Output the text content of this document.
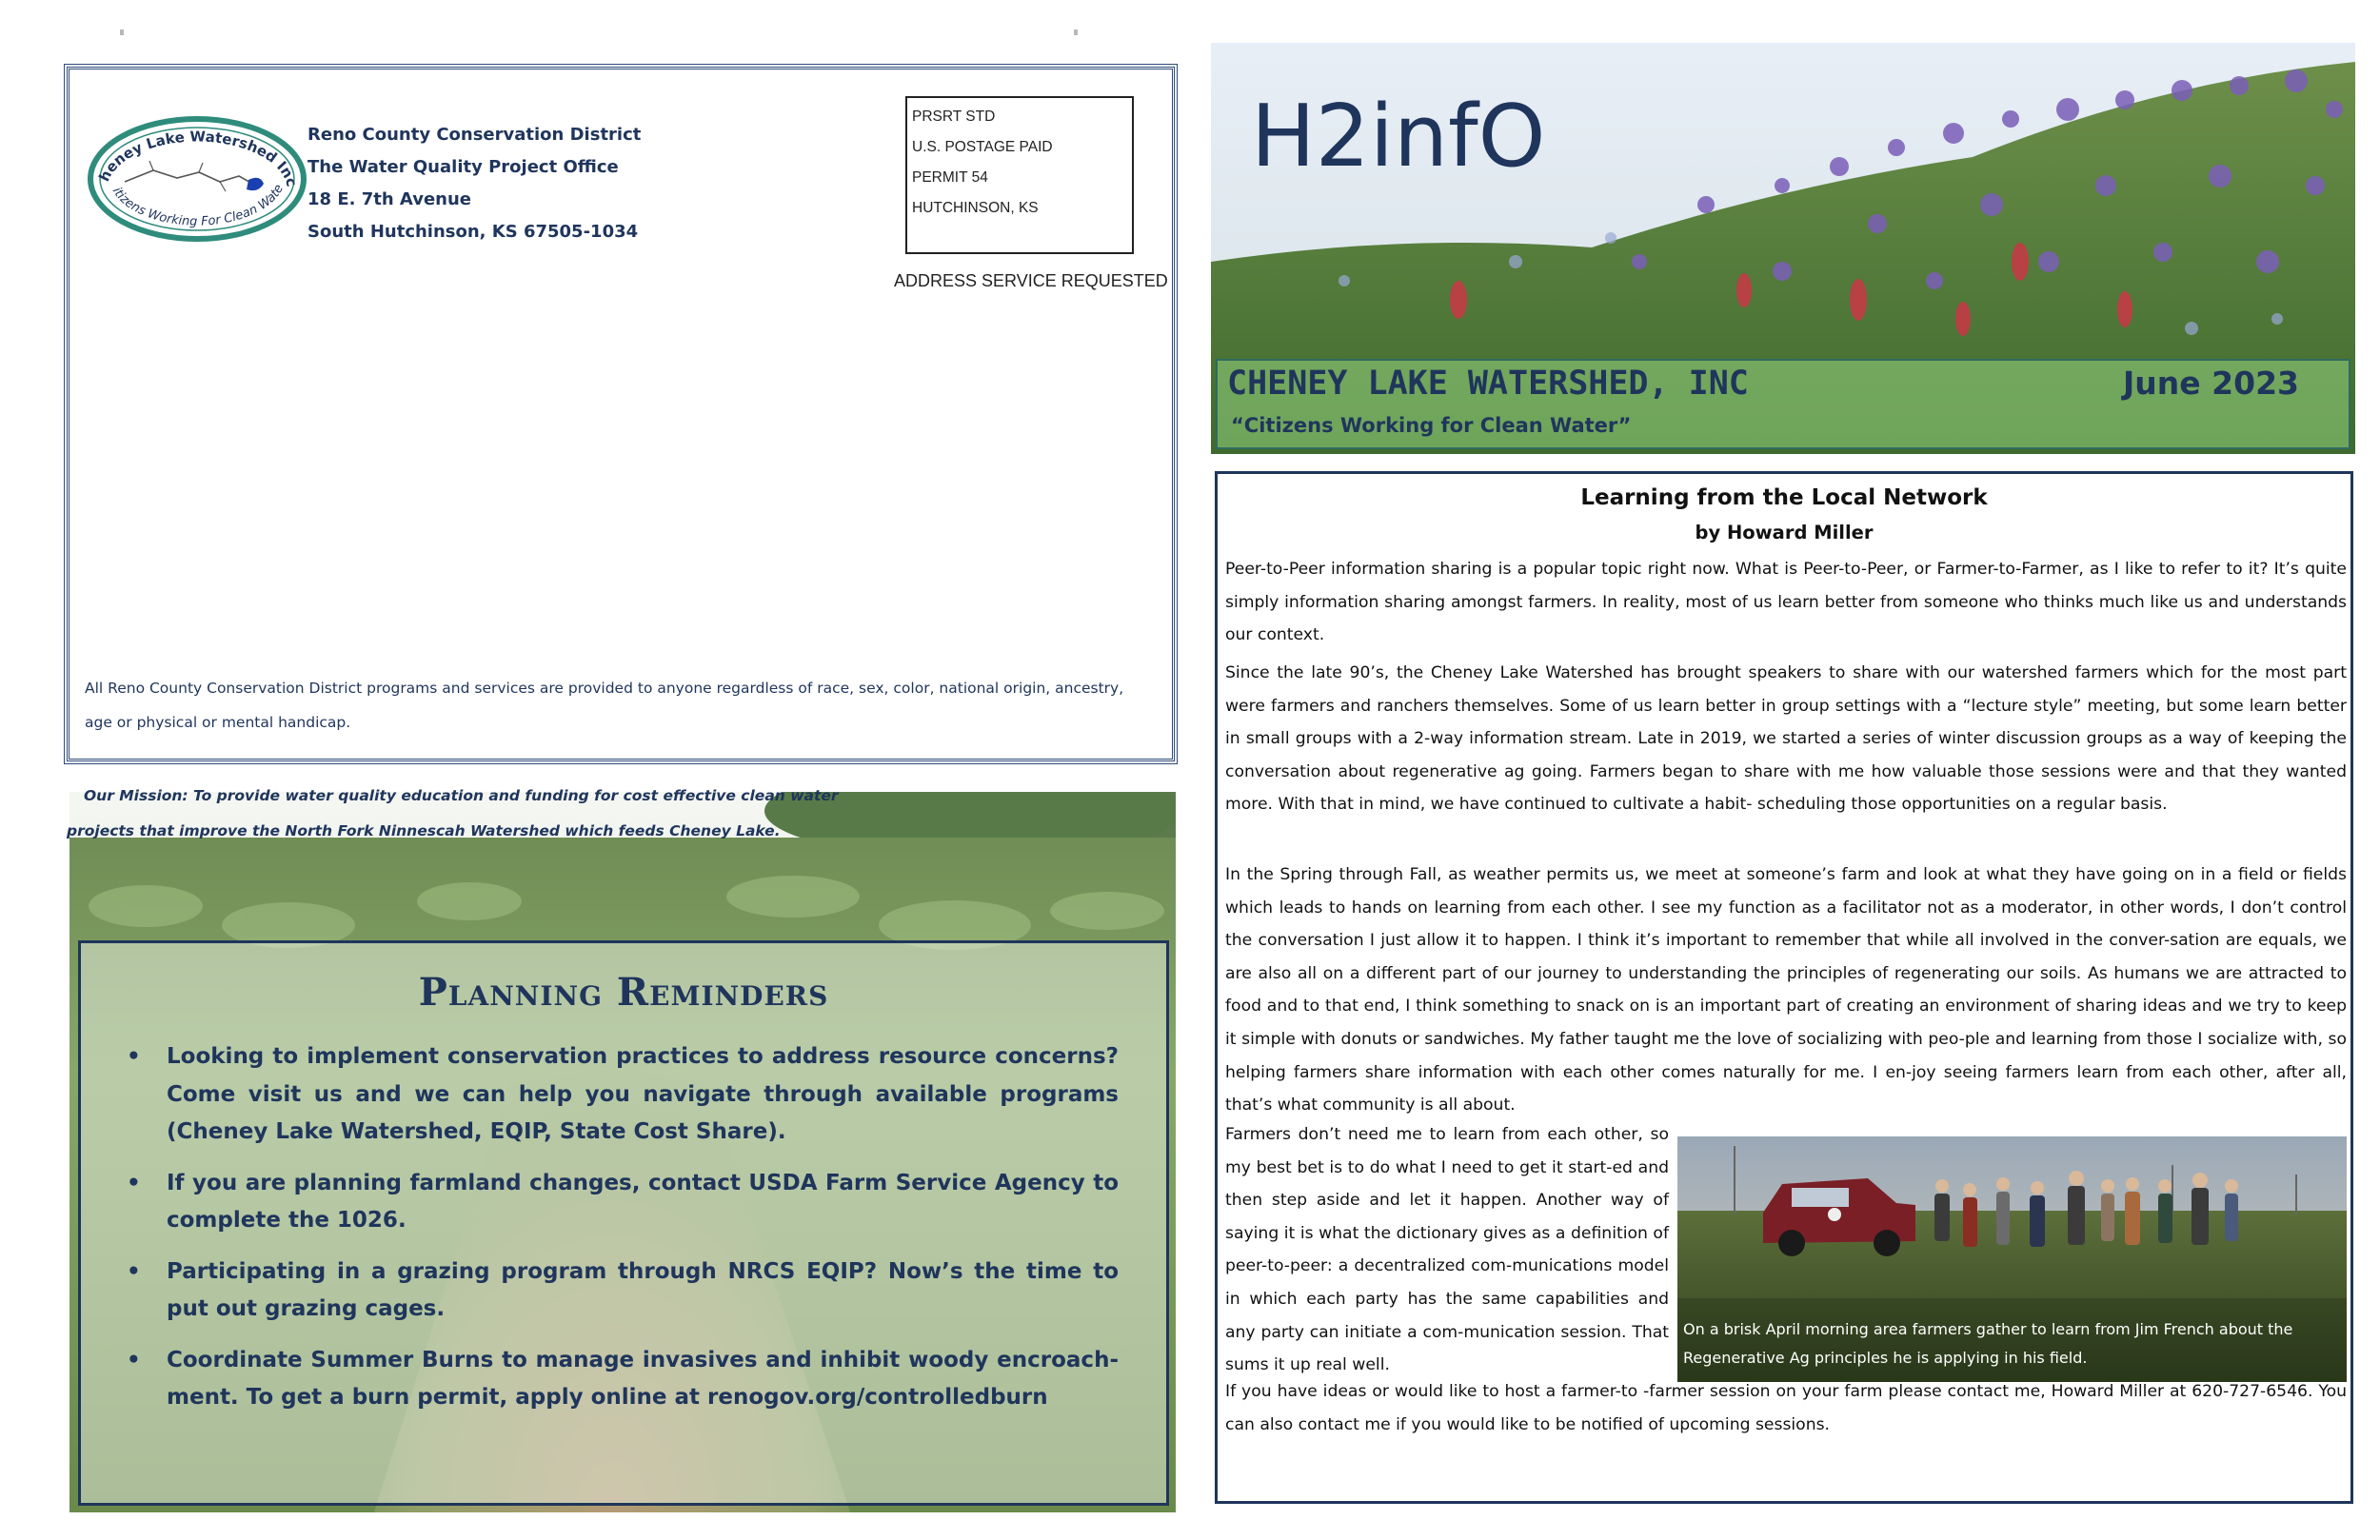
heney Lake Watershed Inc
itizens Working For Clean Wate
Reno County Conservation District
The Water Quality Project Office
18 E. 7th Avenue
South Hutchinson, KS 67505-1034
PRSRT STD
U.S. POSTAGE PAID
PERMIT 54
HUTCHINSON, KS
ADDRESS SERVICE REQUESTED
All Reno County Conservation District programs and services are provided to anyone regardless of race, sex, color, national origin, ancestry, age or physical or mental handicap.
Our Mission: To provide water quality education and funding for cost effective clean water projects that improve the North Fork Ninnescah Watershed which feeds Cheney Lake.
Planning Reminders
• Looking to implement conservation practices to address resource concerns? Come visit us and we can help you navigate through available programs (Cheney Lake Watershed, EQIP, State Cost Share).
• If you are planning farmland changes, contact USDA Farm Service Agency to complete the 1026.
• Participating in a grazing program through NRCS EQIP? Now’s the time to put out grazing cages.
• Coordinate Summer Burns to manage invasives and inhibit woody encroach-ment. To get a burn permit, apply online at renogov.org/controlledburn
H2infO
CHENEY LAKE WATERSHED, INC	June 2023
“Citizens Working for Clean Water”
Learning from the Local Network
by Howard Miller

Peer-to-Peer information sharing is a popular topic right now. What is Peer-to-Peer, or Farmer-to-Farmer, as I like to refer to it? It’s quite simply information sharing amongst farmers. In reality, most of us learn better from someone who thinks much like us and understands our context.

Since the late 90’s, the Cheney Lake Watershed has brought speakers to share with our watershed farmers which for the most part were farmers and ranchers themselves. Some of us learn better in group settings with a “lecture style” meeting, but some learn better in small groups with a 2-way information stream. Late in 2019, we started a series of winter discussion groups as a way of keeping the conversation about regenerative ag going. Farmers began to share with me how valuable those sessions were and that they wanted more. With that in mind, we have continued to cultivate a habit- scheduling those opportunities on a regular basis.

In the Spring through Fall, as weather permits us, we meet at someone’s farm and look at what they have going on in a field or fields which leads to hands on learning from each other. I see my function as a facilitator not as a moderator, in other words, I don’t control the conversation I just allow it to happen. I think it’s important to remember that while all involved in the conver-sation are equals, we are also all on a different part of our journey to understanding the principles of regenerating our soils. As humans we are attracted to food and to that end, I think something to snack on is an important part of creating an environment of sharing ideas and we try to keep it simple with donuts or sandwiches. My father taught me the love of socializing with peo-ple and learning from those I socialize with, so helping farmers share information with each other comes naturally for me. I en-joy seeing farmers learn from each other, after all, that’s what community is all about.

Farmers don’t need me to learn from each other, so my best bet is to do what I need to get it start-ed and then step aside and let it happen. Another way of saying it is what the dictionary gives as a definition of peer-to-peer: a decentralized com-munications model in which each party has the same capabilities and any party can initiate a com-munication session. That sums it up real well.

If you have ideas or would like to host a farmer-to -farmer session on your farm please contact me, Howard Miller at 620-727-6546. You can also contact me if you would like to be notified of upcoming sessions.

On a brisk April morning area farmers gather to learn from Jim French about the Regenerative Ag principles he is applying in his field.
